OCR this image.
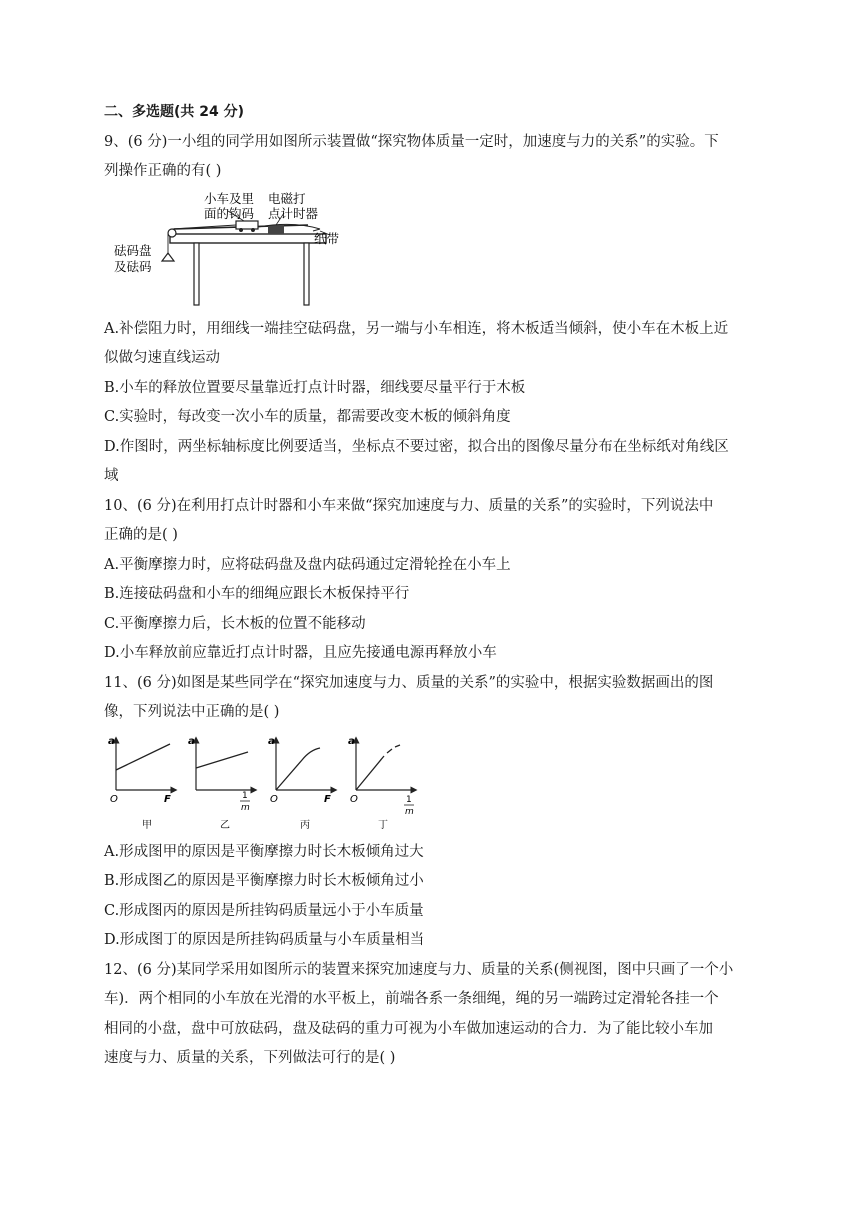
二、多选题(共 24 分)
9、(6 分)一小组的同学用如图所示装置做“探究物体质量一定时，加速度与力的关系”的实验。下
列操作正确的有( )
小车及里
面的钩码
电磁打
点计时器
纸带
砝码盘
及砝码
A.补偿阻力时，用细线一端挂空砝码盘，另一端与小车相连，将木板适当倾斜，使小车在木板上近
似做匀速直线运动
B.小车的释放位置要尽量靠近打点计时器，细线要尽量平行于木板
C.实验时，每改变一次小车的质量，都需要改变木板的倾斜角度
D.作图时，两坐标轴标度比例要适当，坐标点不要过密，拟合出的图像尽量分布在坐标纸对角线区
域
10、(6 分)在利用打点计时器和小车来做“探究加速度与力、质量的关系”的实验时，下列说法中
正确的是( )
A.平衡摩擦力时，应将砝码盘及盘内砝码通过定滑轮拴在小车上
B.连接砝码盘和小车的细绳应跟长木板保持平行
C.平衡摩擦力后，长木板的位置不能移动
D.小车释放前应靠近打点计时器，且应先接通电源再释放小车
11、(6 分)如图是某些同学在“探究加速度与力、质量的关系”的实验中，根据实验数据画出的图
像，下列说法中正确的是( )
a
O	F
甲
a
1
m
乙
a
O	F
丙
a
O	1
m
丁
A.形成图甲的原因是平衡摩擦力时长木板倾角过大
B.形成图乙的原因是平衡摩擦力时长木板倾角过小
C.形成图丙的原因是所挂钩码质量远小于小车质量
D.形成图丁的原因是所挂钩码质量与小车质量相当
12、(6 分)某同学采用如图所示的装置来探究加速度与力、质量的关系(侧视图，图中只画了一个小
车)．两个相同的小车放在光滑的水平板上，前端各系一条细绳，绳的另一端跨过定滑轮各挂一个
相同的小盘，盘中可放砝码，盘及砝码的重力可视为小车做加速运动的合力．为了能比较小车加
速度与力、质量的关系，下列做法可行的是( )
